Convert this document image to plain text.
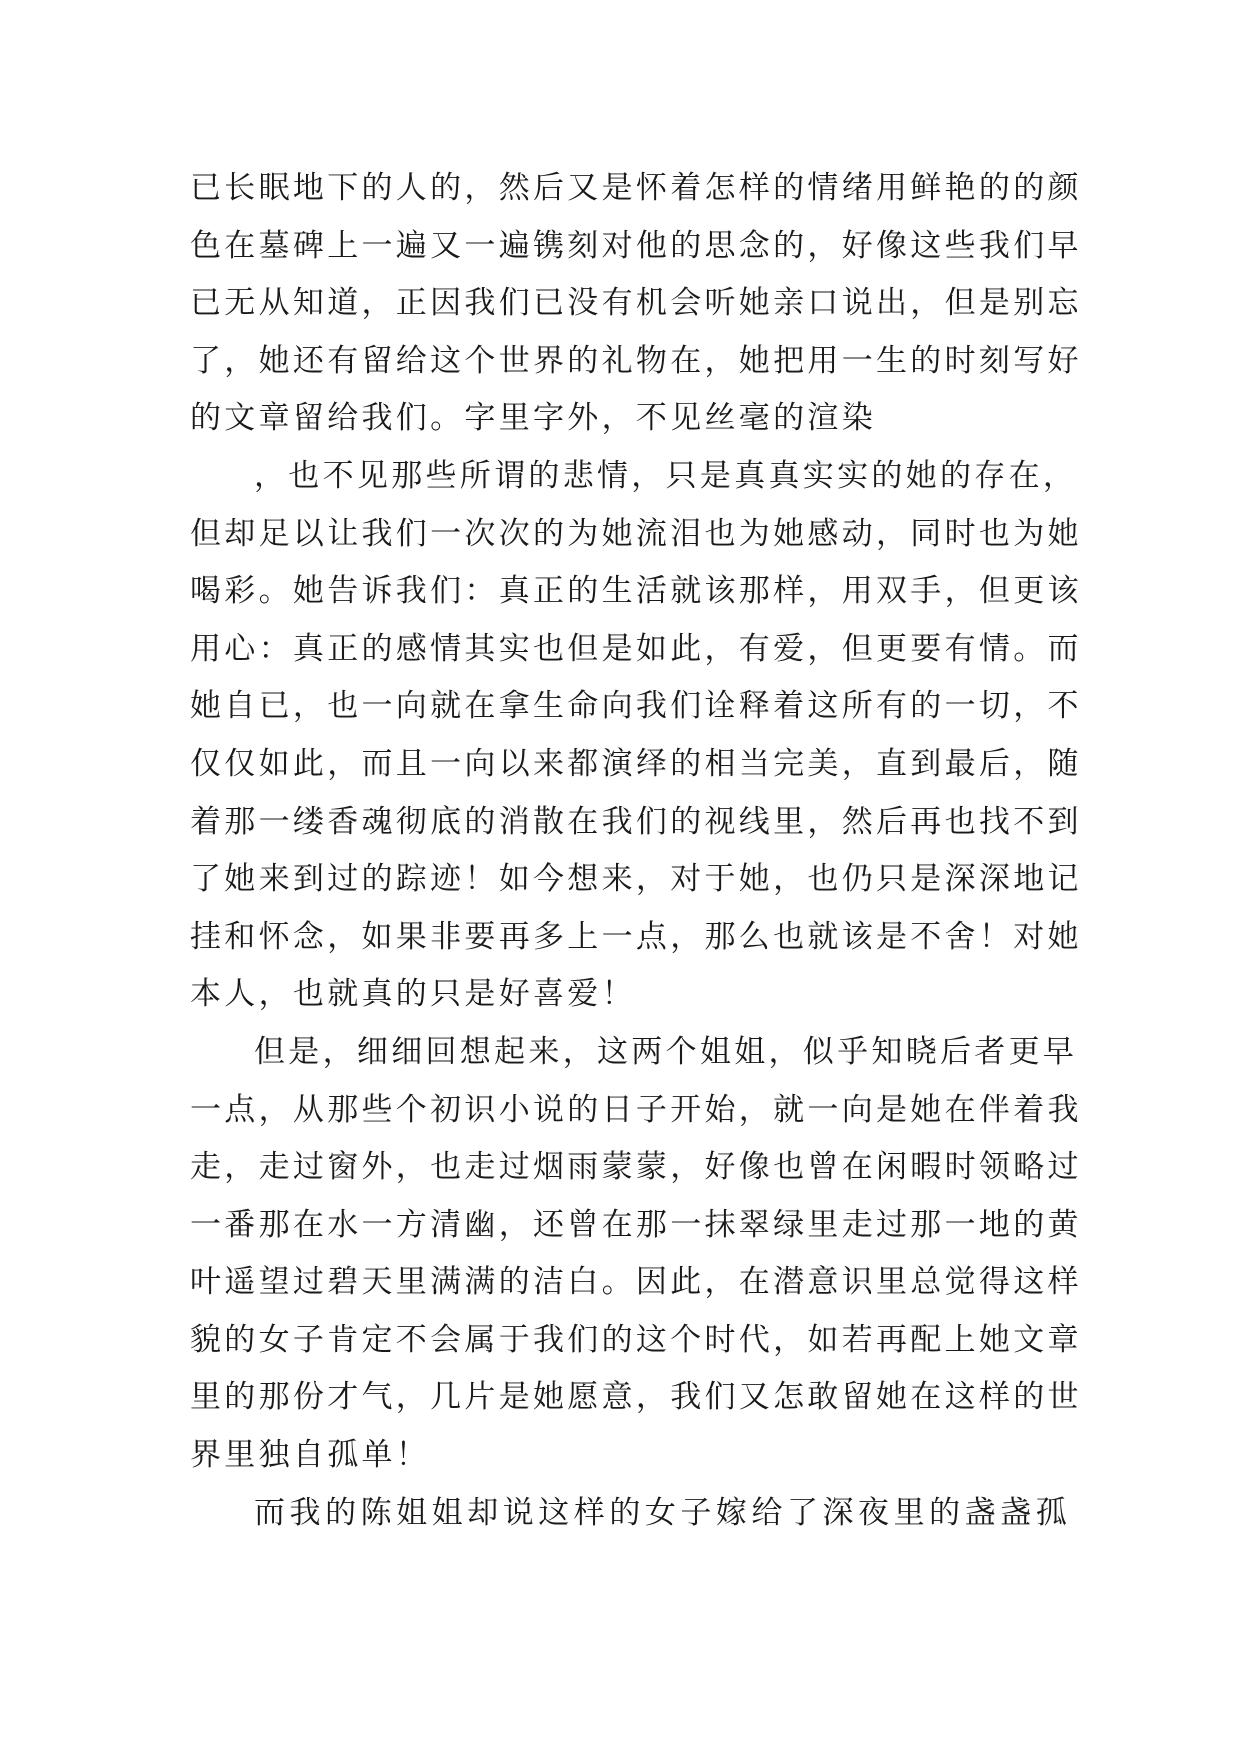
已长眠地下的人的，然后又是怀着怎样的情绪用鲜艳的的颜
色在墓碑上一遍又一遍镌刻对他的思念的，好像这些我们早
已无从知道，正因我们已没有机会听她亲口说出，但是别忘
了，她还有留给这个世界的礼物在，她把用一生的时刻写好
的文章留给我们。字里字外，不见丝毫的渲染
，也不见那些所谓的悲情，只是真真实实的她的存在，
但却足以让我们一次次的为她流泪也为她感动，同时也为她
喝彩。她告诉我们：真正的生活就该那样，用双手，但更该
用心：真正的感情其实也但是如此，有爱，但更要有情。而
她自已，也一向就在拿生命向我们诠释着这所有的一切，不
仅仅如此，而且一向以来都演绎的相当完美，直到最后，随
着那一缕香魂彻底的消散在我们的视线里，然后再也找不到
了她来到过的踪迹！如今想来，对于她，也仍只是深深地记
挂和怀念，如果非要再多上一点，那么也就该是不舍！对她
本人，也就真的只是好喜爱！
但是，细细回想起来，这两个姐姐，似乎知晓后者更早
一点，从那些个初识小说的日子开始，就一向是她在伴着我
走，走过窗外，也走过烟雨蒙蒙，好像也曾在闲暇时领略过
一番那在水一方清幽，还曾在那一抹翠绿里走过那一地的黄
叶遥望过碧天里满满的洁白。因此，在潜意识里总觉得这样
貌的女子肯定不会属于我们的这个时代，如若再配上她文章
里的那份才气，几片是她愿意，我们又怎敢留她在这样的世
界里独自孤单！
而我的陈姐姐却说这样的女子嫁给了深夜里的盏盏孤
